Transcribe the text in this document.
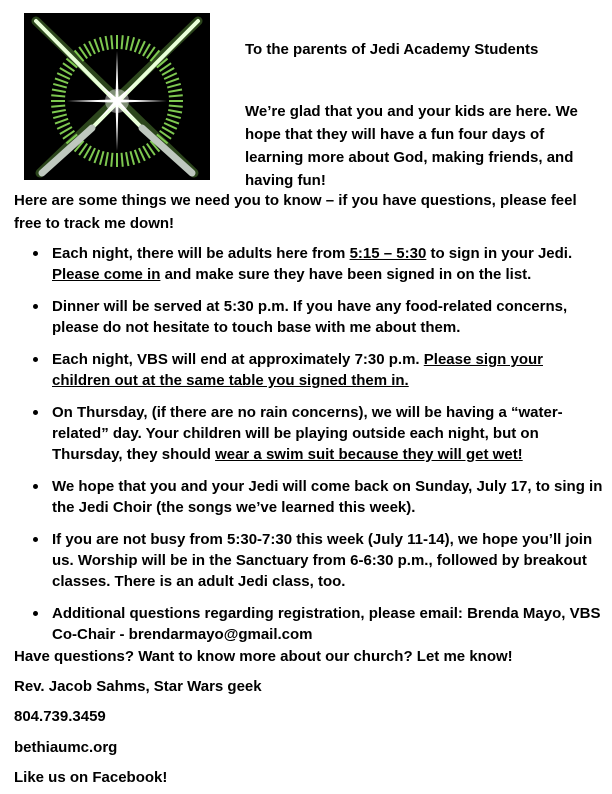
To the parents of Jedi Academy Students

We’re glad that you and your kids are here. We hope that they will have a fun four days of learning more about God, making friends, and having fun!

Here are some things we need you to know – if you have questions, please feel free to track me down!

Each night, there will be adults here from 5:15 – 5:30 to sign in your Jedi. Please come in and make sure they have been signed in on the list.
Dinner will be served at 5:30 p.m. If you have any food-related concerns, please do not hesitate to touch base with me about them.
Each night, VBS will end at approximately 7:30 p.m. Please sign your children out at the same table you signed them in.
On Thursday, (if there are no rain concerns), we will be having a “water-related” day. Your children will be playing outside each night, but on Thursday, they should wear a swim suit because they will get wet!
We hope that you and your Jedi will come back on Sunday, July 17, to sing in the Jedi Choir (the songs we’ve learned this week).
If you are not busy from 5:30-7:30 this week (July 11-14), we hope you’ll join us. Worship will be in the Sanctuary from 6-6:30 p.m., followed by breakout classes. There is an adult Jedi class, too.
Additional questions regarding registration, please email: Brenda Mayo, VBS Co-Chair - brendarmayo@gmail.com

Have questions? Want to know more about our church? Let me know!

Rev. Jacob Sahms, Star Wars geek

804.739.3459

bethiaumc.org

Like us on Facebook!
